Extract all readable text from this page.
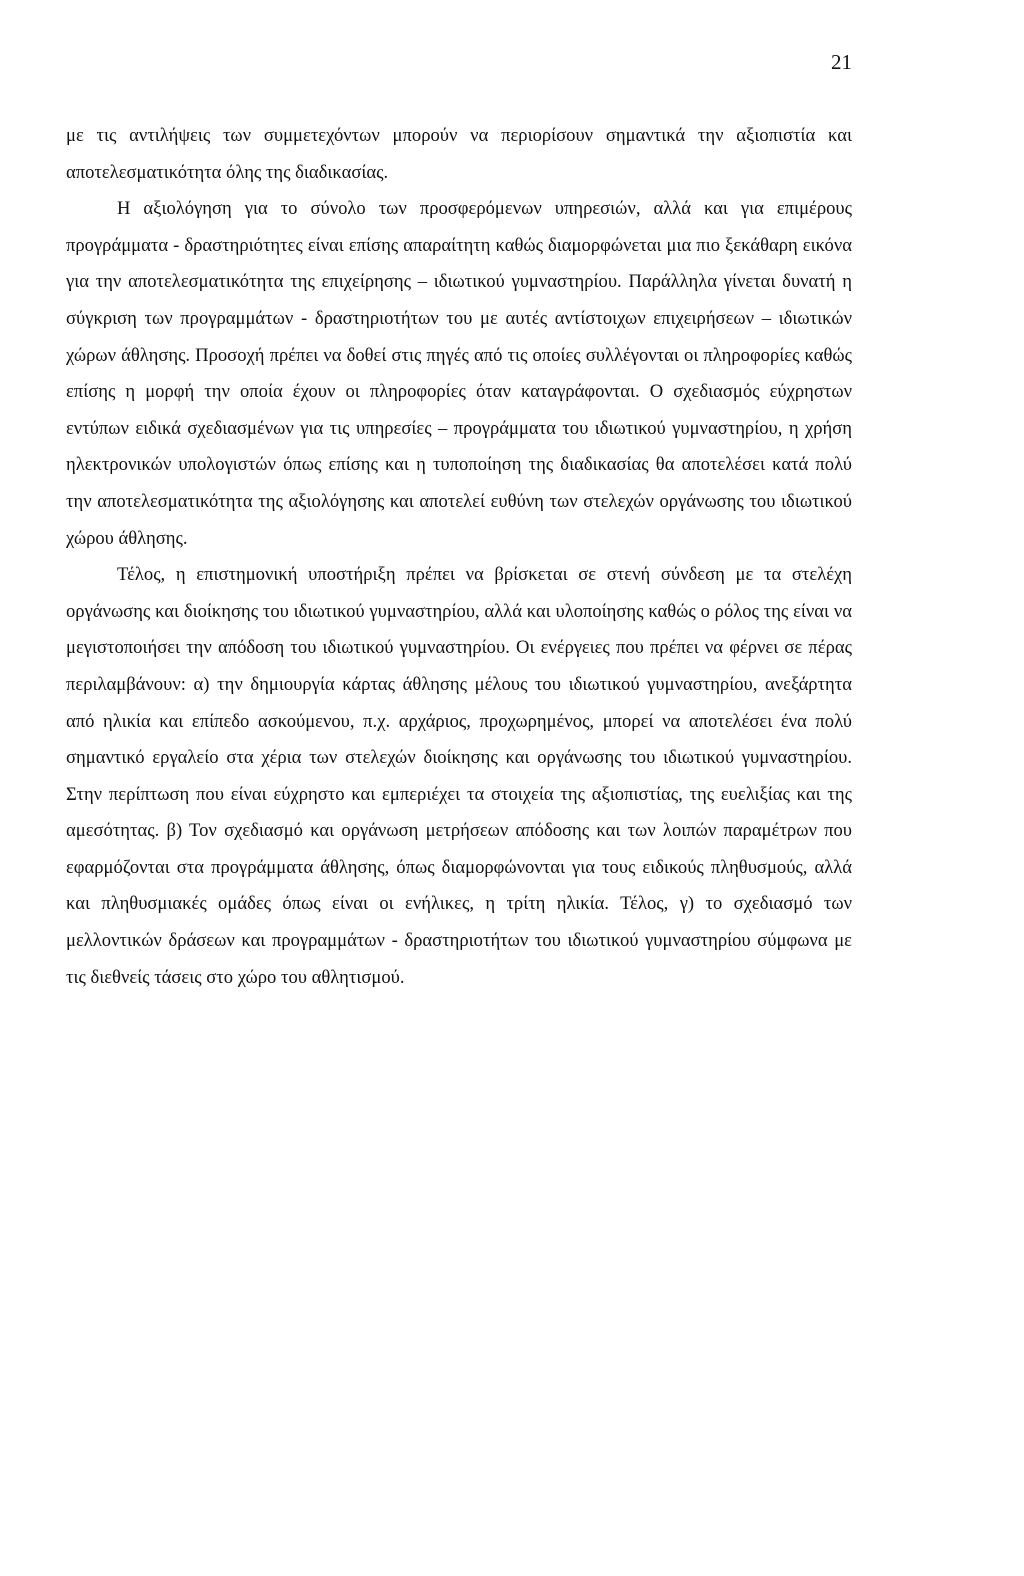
21

με τις αντιλήψεις των συμμετεχόντων μπορούν να περιορίσουν σημαντικά την αξιοπιστία και αποτελεσματικότητα όλης της διαδικασίας.

Η αξιολόγηση για το σύνολο των προσφερόμενων υπηρεσιών, αλλά και για επιμέρους προγράμματα - δραστηριότητες είναι επίσης απαραίτητη καθώς διαμορφώνεται μια πιο ξεκάθαρη εικόνα για την αποτελεσματικότητα της επιχείρησης – ιδιωτικού γυμναστηρίου. Παράλληλα γίνεται δυνατή η σύγκριση των προγραμμάτων - δραστηριοτήτων του με αυτές αντίστοιχων επιχειρήσεων – ιδιωτικών χώρων άθλησης. Προσοχή πρέπει να δοθεί στις πηγές από τις οποίες συλλέγονται οι πληροφορίες καθώς επίσης η μορφή την οποία έχουν οι πληροφορίες όταν καταγράφονται. Ο σχεδιασμός εύχρηστων εντύπων ειδικά σχεδιασμένων για τις υπηρεσίες – προγράμματα του ιδιωτικού γυμναστηρίου, η χρήση ηλεκτρονικών υπολογιστών όπως επίσης και η τυποποίηση της διαδικασίας θα αποτελέσει κατά πολύ την αποτελεσματικότητα της αξιολόγησης και αποτελεί ευθύνη των στελεχών οργάνωσης του ιδιωτικού χώρου άθλησης.

Τέλος, η επιστημονική υποστήριξη πρέπει να βρίσκεται σε στενή σύνδεση με τα στελέχη οργάνωσης και διοίκησης του ιδιωτικού γυμναστηρίου, αλλά και υλοποίησης καθώς ο ρόλος της είναι να μεγιστοποιήσει την απόδοση του ιδιωτικού γυμναστηρίου. Οι ενέργειες που πρέπει να φέρνει σε πέρας περιλαμβάνουν: α) την δημιουργία κάρτας άθλησης μέλους του ιδιωτικού γυμναστηρίου, ανεξάρτητα από ηλικία και επίπεδο ασκούμενου, π.χ. αρχάριος, προχωρημένος, μπορεί να αποτελέσει ένα πολύ σημαντικό εργαλείο στα χέρια των στελεχών διοίκησης και οργάνωσης του ιδιωτικού γυμναστηρίου. Στην περίπτωση που είναι εύχρηστο και εμπεριέχει τα στοιχεία της αξιοπιστίας, της ευελιξίας και της αμεσότητας. β) Τον σχεδιασμό και οργάνωση μετρήσεων απόδοσης και των λοιπών παραμέτρων που εφαρμόζονται στα προγράμματα άθλησης, όπως διαμορφώνονται για τους ειδικούς πληθυσμούς, αλλά και πληθυσμιακές ομάδες όπως είναι οι ενήλικες, η τρίτη ηλικία. Τέλος, γ) το σχεδιασμό των μελλοντικών δράσεων και προγραμμάτων - δραστηριοτήτων του ιδιωτικού γυμναστηρίου σύμφωνα με τις διεθνείς τάσεις στο χώρο του αθλητισμού.
